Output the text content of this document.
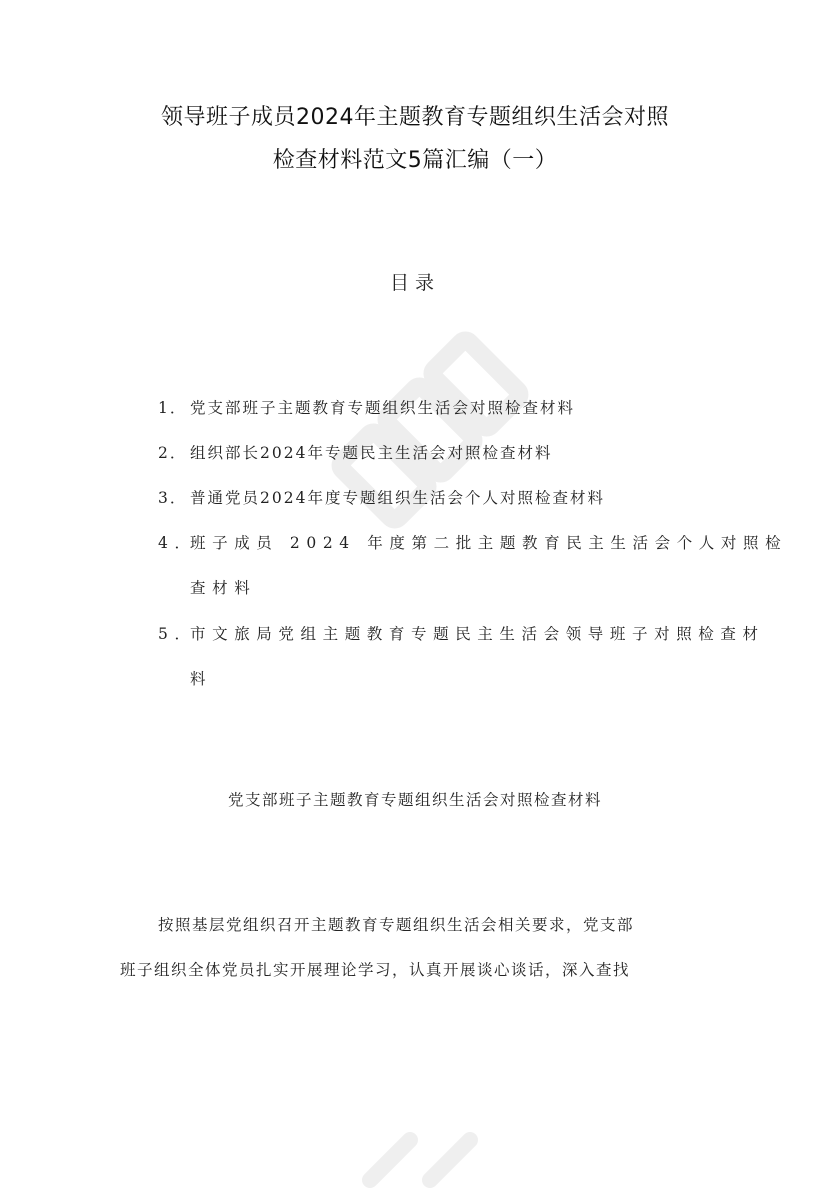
领导班子成员2024年主题教育专题组织生活会对照
检查材料范文5篇汇编（一）
目录
1． 党支部班子主题教育专题组织生活会对照检查材料
2． 组织部长2024年专题民主生活会对照检查材料
3． 普通党员2024年度专题组织生活会个人对照检查材料
4．班子成员 2024 年度第二批主题教育民主生活会个人对照检
查材料
5．市文旅局党组主题教育专题民主生活会领导班子对照检查材
料
党支部班子主题教育专题组织生活会对照检查材料
按照基层党组织召开主题教育专题组织生活会相关要求，党支部
班子组织全体党员扎实开展理论学习，认真开展谈心谈话，深入查找
